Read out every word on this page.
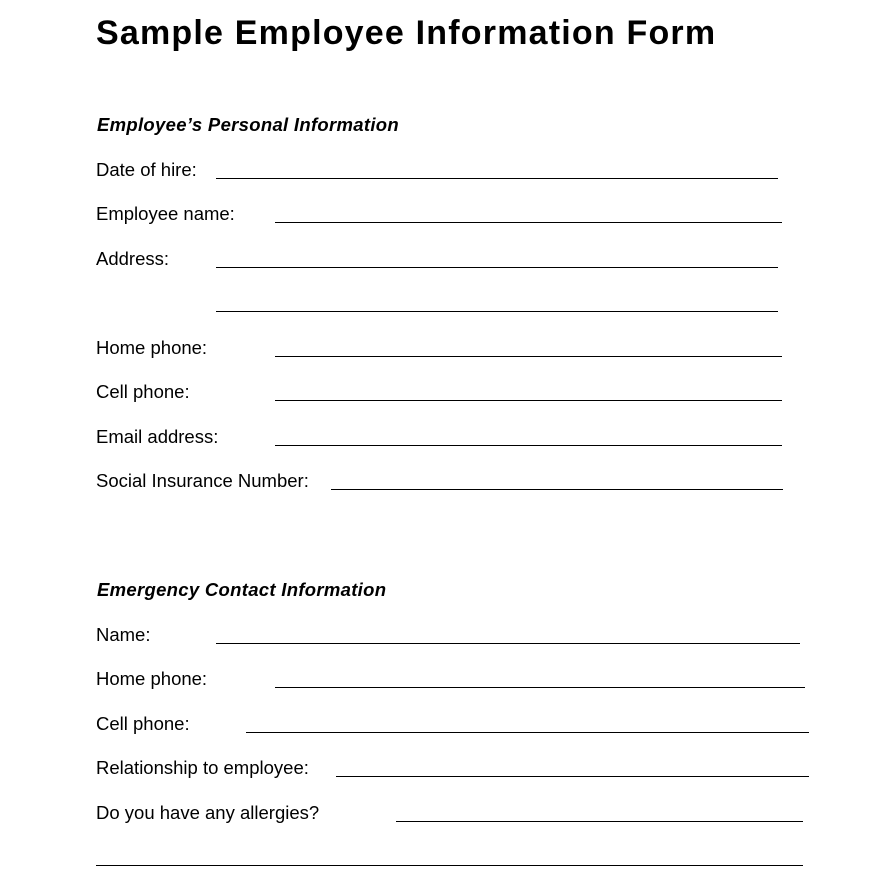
Sample Employee Information Form
Employee’s Personal Information
Date of hire:
Employee name:
Address:
Home phone:
Cell phone:
Email address:
Social Insurance Number:
Emergency Contact Information
Name:
Home phone:
Cell phone:
Relationship to employee:
Do you have any allergies?
